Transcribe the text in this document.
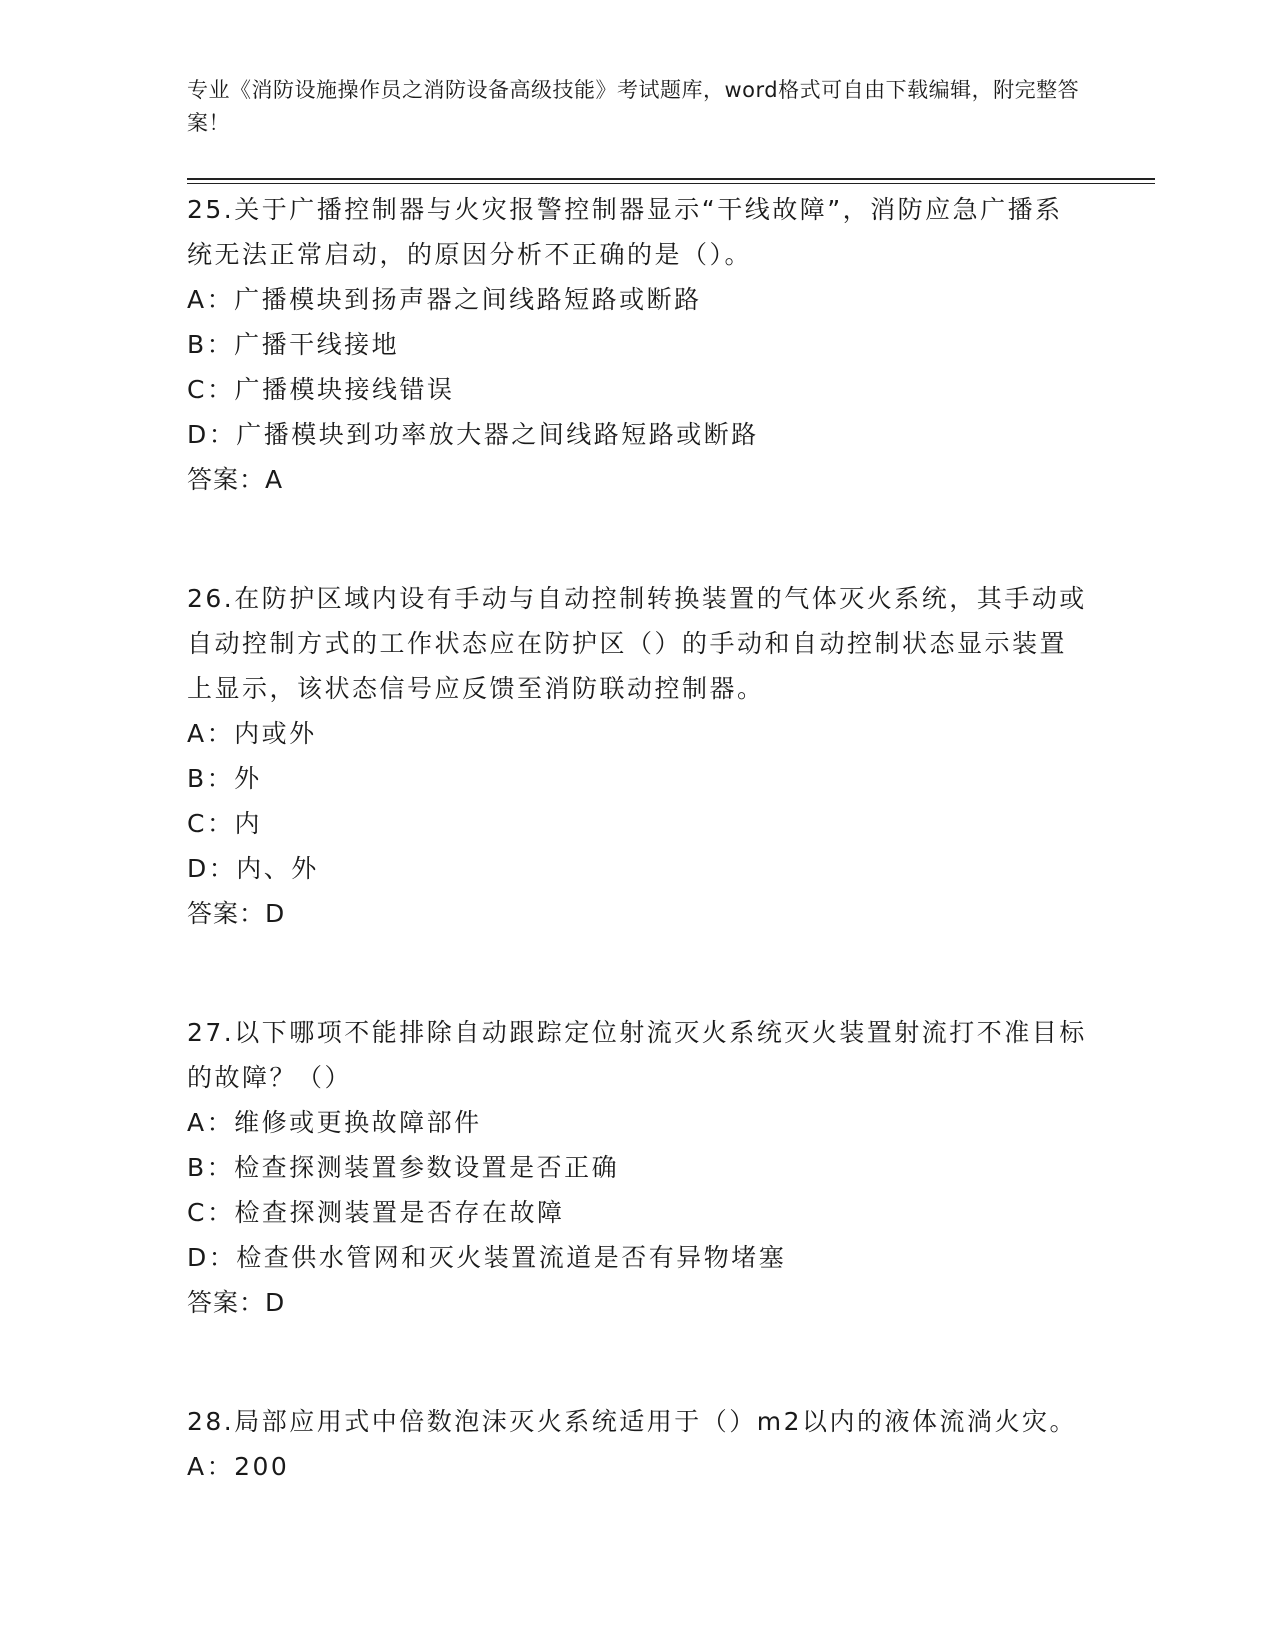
专业《消防设施操作员之消防设备高级技能》考试题库，word格式可自由下载编辑，附完整答案！

25.关于广播控制器与火灾报警控制器显示“干线故障”，消防应急广播系统无法正常启动，的原因分析不正确的是（）。

A：广播模块到扬声器之间线路短路或断路

B：广播干线接地

C：广播模块接线错误

D：广播模块到功率放大器之间线路短路或断路

答案：A

26.在防护区域内设有手动与自动控制转换装置的气体灭火系统，其手动或自动控制方式的工作状态应在防护区（）的手动和自动控制状态显示装置上显示，该状态信号应反馈至消防联动控制器。

A：内或外

B：外

C：内

D：内、外

答案：D

27.以下哪项不能排除自动跟踪定位射流灭火系统灭火装置射流打不准目标的故障？（）

A：维修或更换故障部件

B：检查探测装置参数设置是否正确

C：检查探测装置是否存在故障

D：检查供水管网和灭火装置流道是否有异物堵塞

答案：D

28.局部应用式中倍数泡沫灭火系统适用于（）m2以内的液体流淌火灾。

A：200
